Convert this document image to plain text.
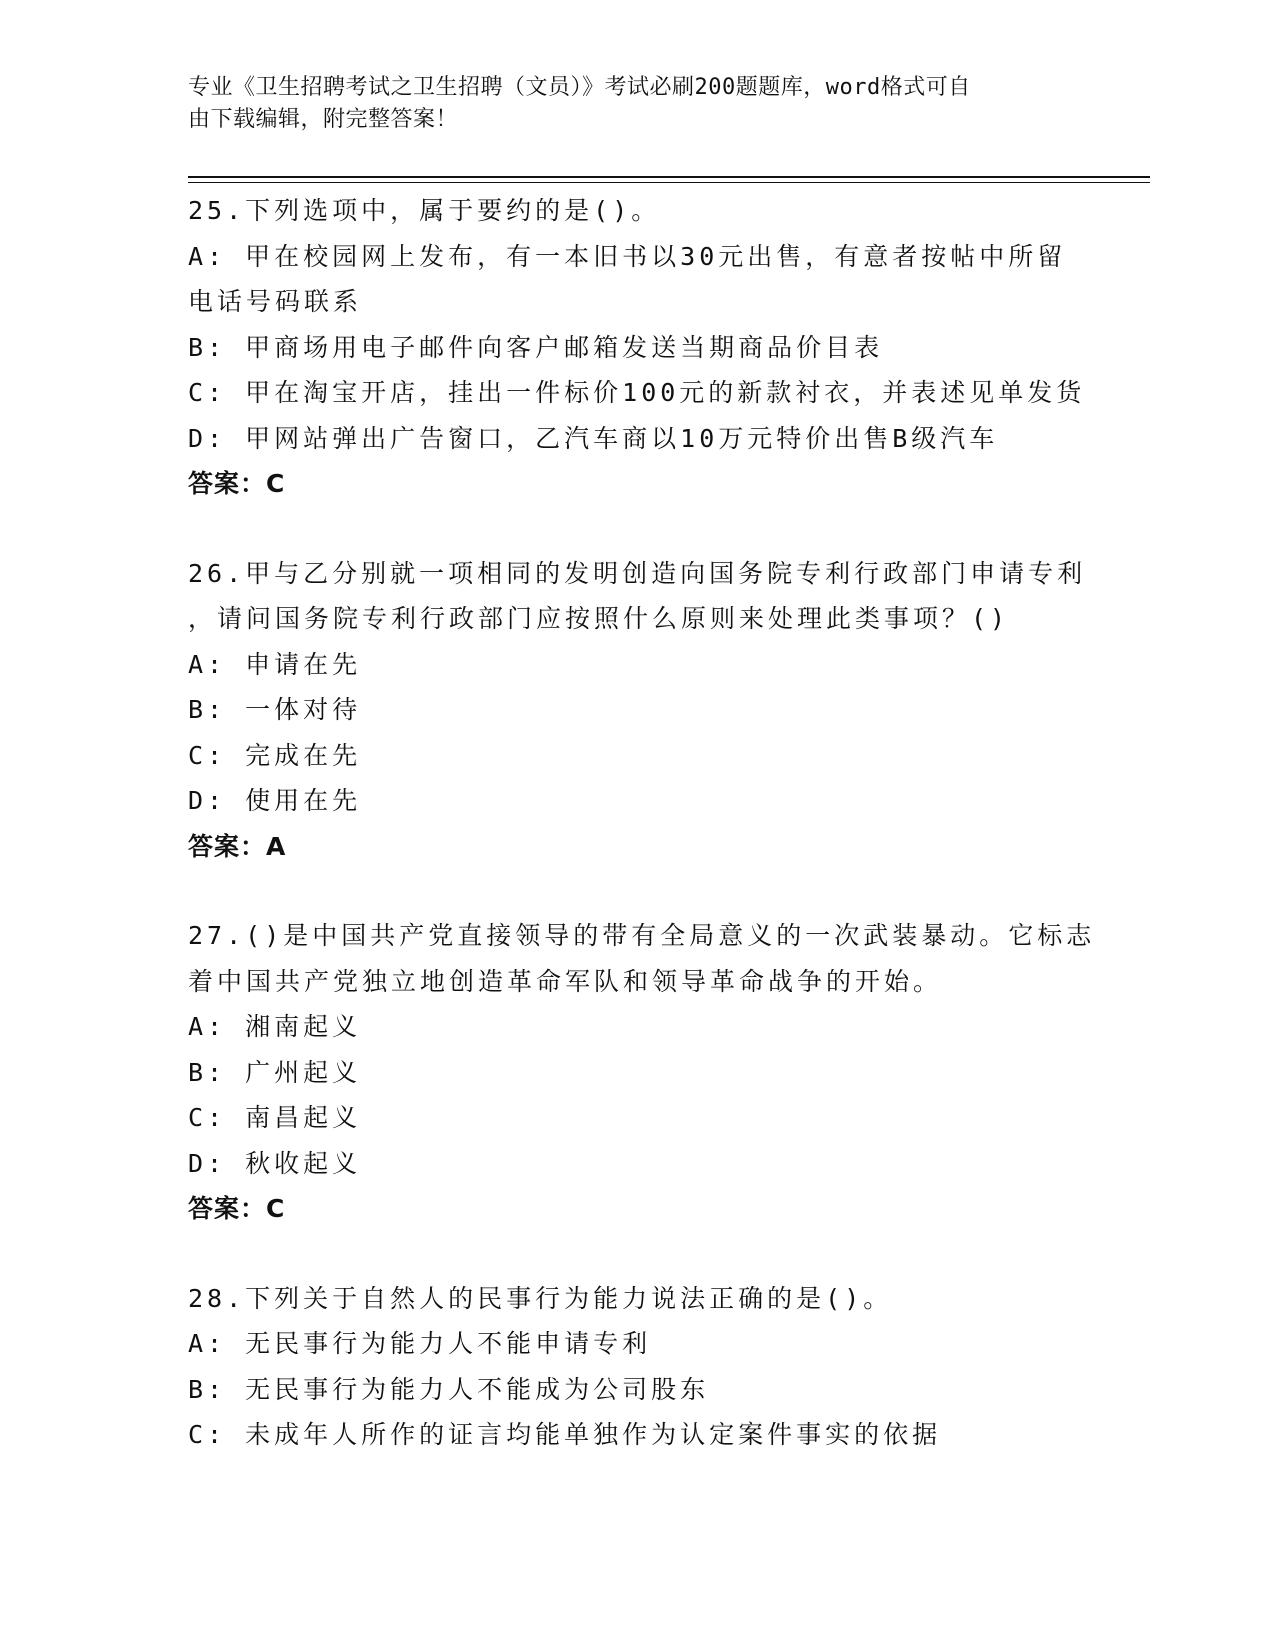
专业《卫生招聘考试之卫生招聘（文员）》考试必刷200题题库，word格式可自
由下载编辑，附完整答案！
25.下列选项中，属于要约的是()。
A: 甲在校园网上发布，有一本旧书以30元出售，有意者按帖中所留
电话号码联系
B: 甲商场用电子邮件向客户邮箱发送当期商品价目表
C: 甲在淘宝开店，挂出一件标价100元的新款衬衣，并表述见单发货
D: 甲网站弹出广告窗口，乙汽车商以10万元特价出售B级汽车
答案：C
26.甲与乙分别就一项相同的发明创造向国务院专利行政部门申请专利
，请问国务院专利行政部门应按照什么原则来处理此类事项？()
A: 申请在先
B: 一体对待
C: 完成在先
D: 使用在先
答案：A
27.()是中国共产党直接领导的带有全局意义的一次武装暴动。它标志
着中国共产党独立地创造革命军队和领导革命战争的开始。
A: 湘南起义
B: 广州起义
C: 南昌起义
D: 秋收起义
答案：C
28.下列关于自然人的民事行为能力说法正确的是()。
A: 无民事行为能力人不能申请专利
B: 无民事行为能力人不能成为公司股东
C: 未成年人所作的证言均能单独作为认定案件事实的依据
